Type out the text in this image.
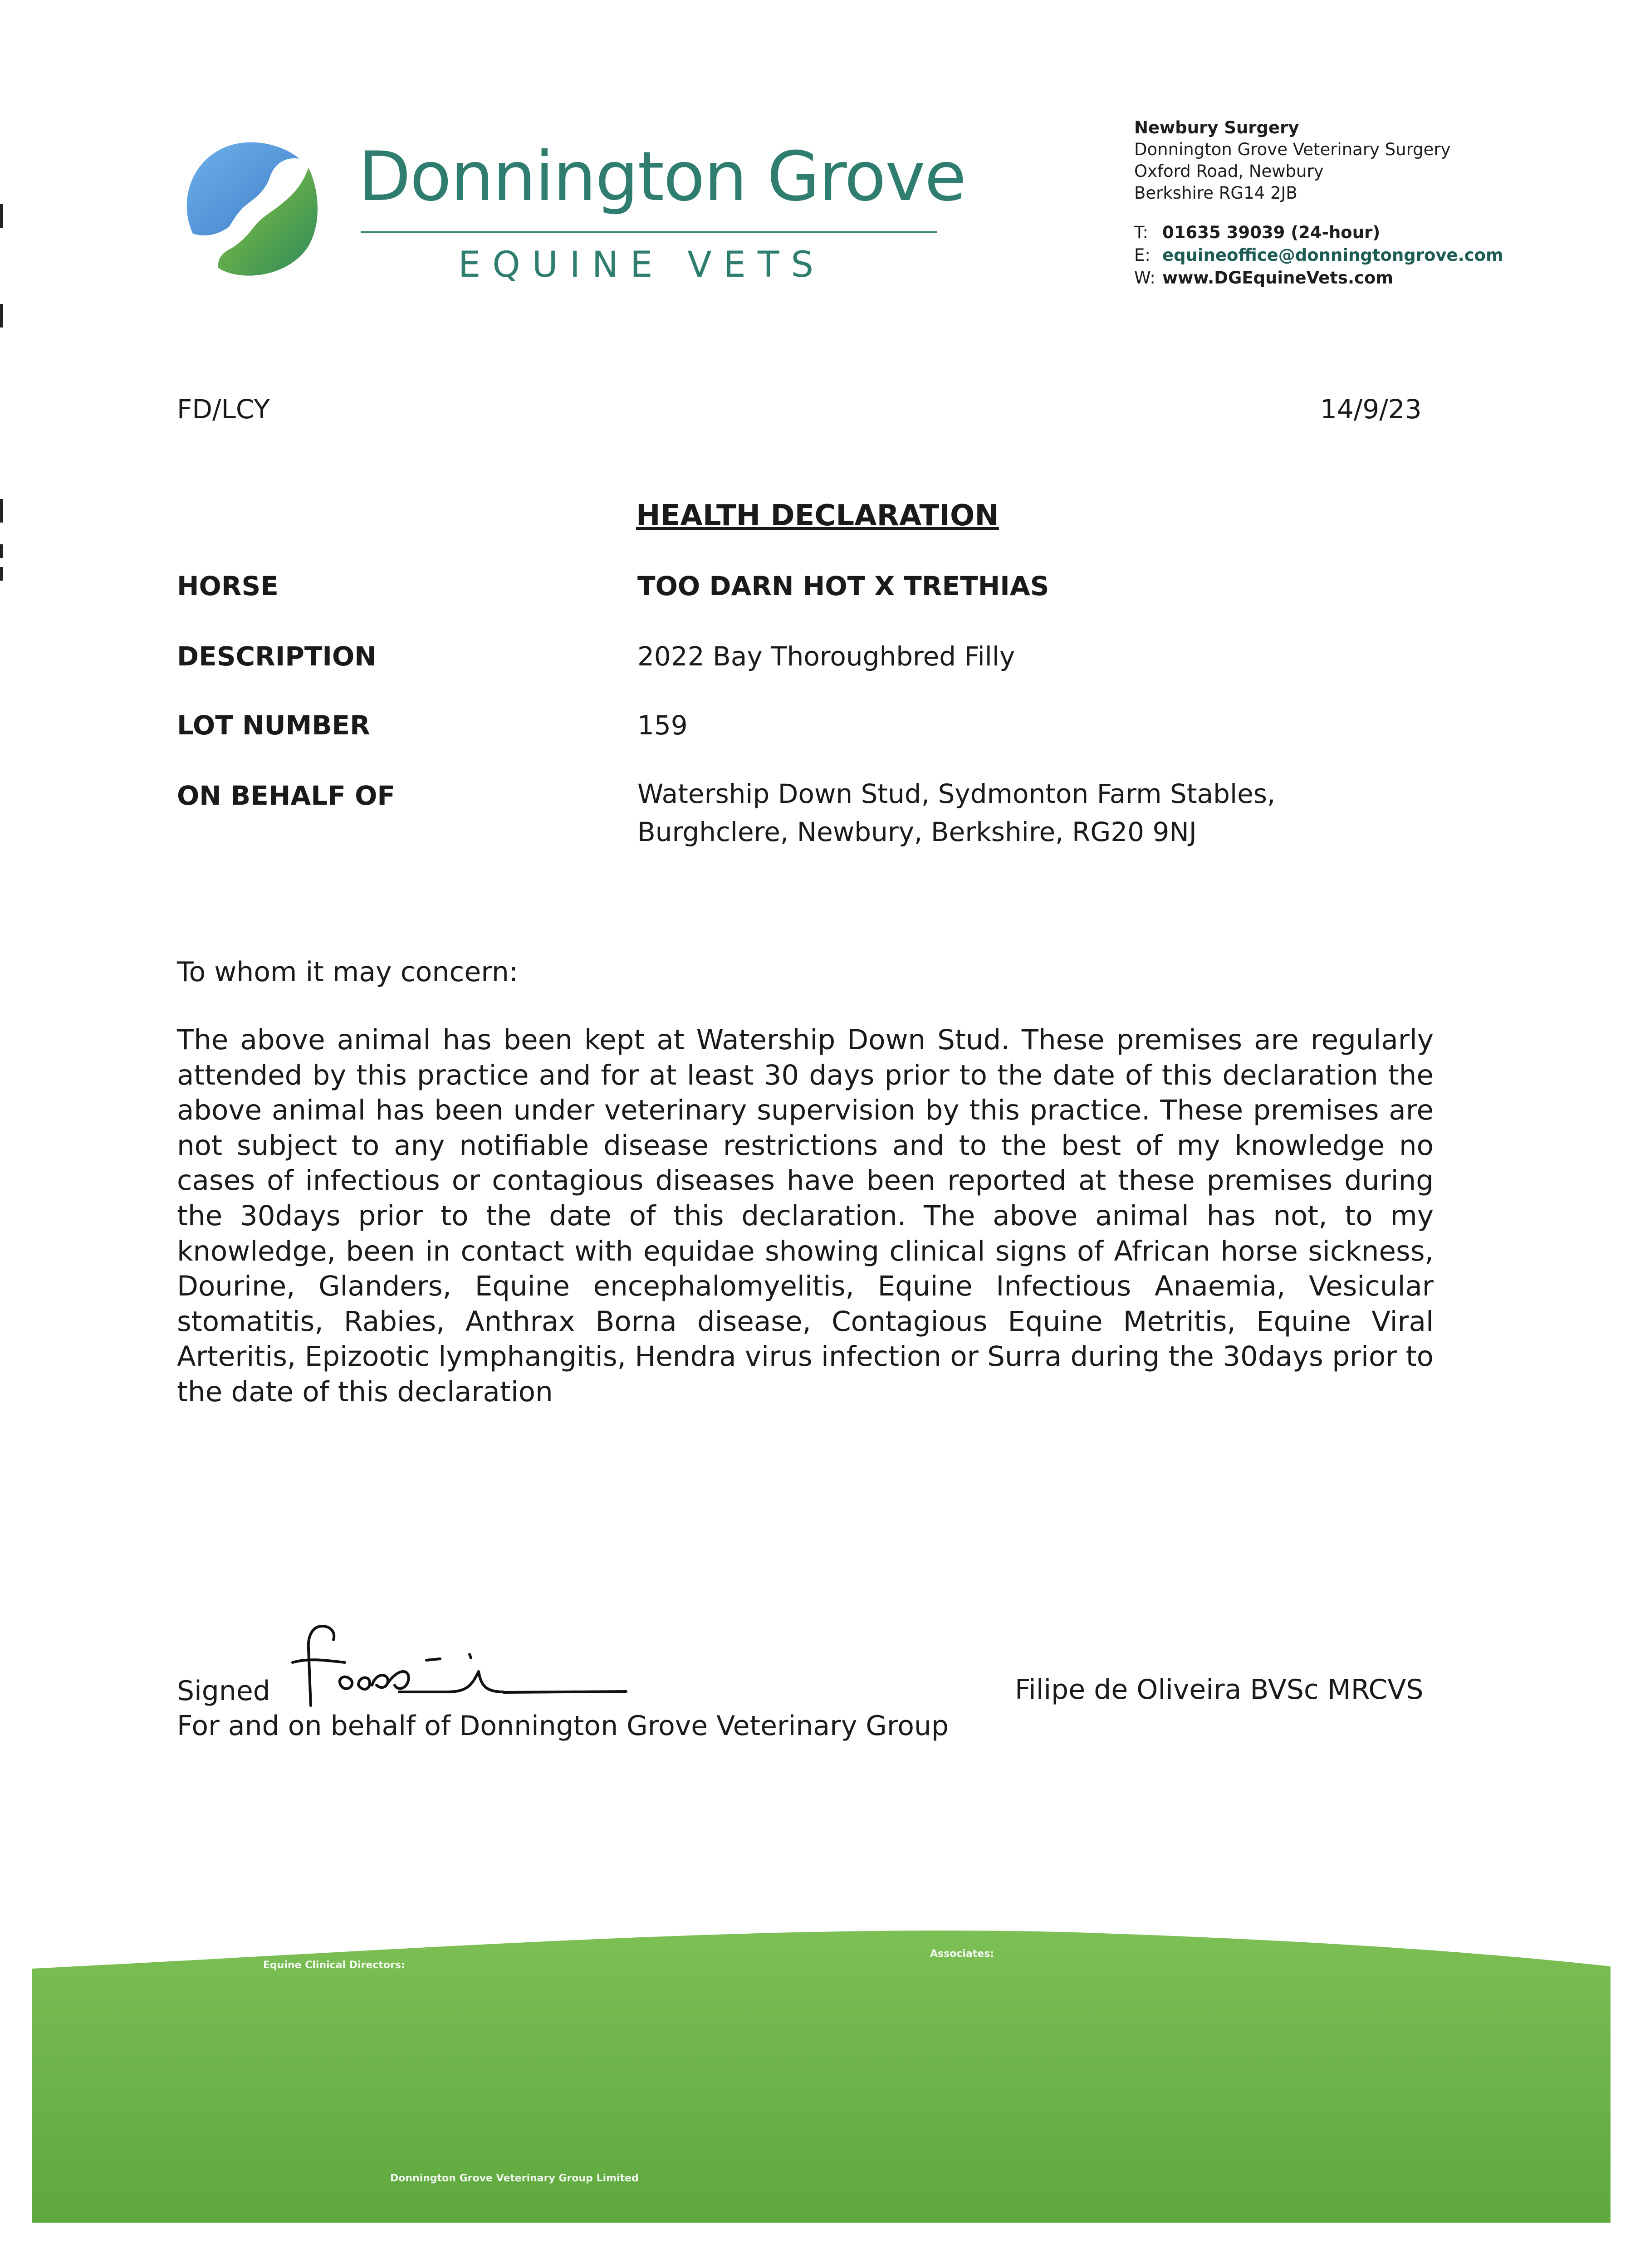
Donnington Grove
EQUINE VETS
Newbury Surgery
Donnington Grove Veterinary Surgery
Oxford Road, Newbury
Berkshire RG14 2JB
T: 01635 39039 (24-hour)
E: equineoffice@donningtongrove.com
W: www.DGEquineVets.com
FD/LCY	14/9/23
HEALTH DECLARATION
HORSE	TOO DARN HOT X TRETHIAS
DESCRIPTION	2022 Bay Thoroughbred Filly
LOT NUMBER	159
ON BEHALF OF	Watership Down Stud, Sydmonton Farm Stables,
Burghclere, Newbury, Berkshire, RG20 9NJ
To whom it may concern:
The above animal has been kept at Watership Down Stud. These premises are regularly attended by this practice and for at least 30 days prior to the date of this declaration the above animal has been under veterinary supervision by this practice. These premises are not subject to any notifiable disease restrictions and to the best of my knowledge no cases of infectious or contagious diseases have been reported at these premises during the 30days prior to the date of this declaration. The above animal has not, to my knowledge, been in contact with equidae showing clinical signs of African horse sickness, Dourine, Glanders, Equine encephalomyelitis, Equine Infectious Anaemia, Vesicular stomatitis, Rabies, Anthrax Borna disease, Contagious Equine Metritis, Equine Viral Arteritis, Epizootic lymphangitis, Hendra virus infection or Surra during the 30days prior to the date of this declaration
Signed
For and on behalf of Donnington Grove Veterinary Group
Filipe de Oliveira BVSc MRCVS
Equine Clinical Directors:
Associates:
Donnington Grove Veterinary Group Limited
